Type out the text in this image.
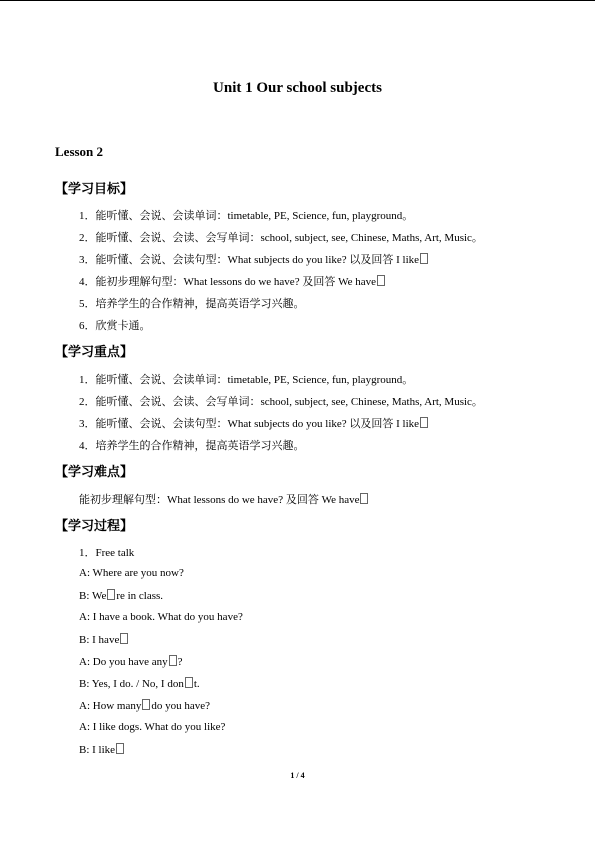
Unit 1 Our school subjects
Lesson 2
【学习目标】
1．能听懂、会说、会读单词：timetable, PE, Science, fun, playground。
2．能听懂、会说、会读、会写单词：school, subject, see, Chinese, Maths, Art, Music。
3．能听懂、会说、会读句型：What subjects do you like? 以及回答 I like
4．能初步理解句型：What lessons do we have? 及回答 We have
5．培养学生的合作精神，提高英语学习兴趣。
6．欣赏卡通。
【学习重点】
1．能听懂、会说、会读单词：timetable, PE, Science, fun, playground。
2．能听懂、会说、会读、会写单词：school, subject, see, Chinese, Maths, Art, Music。
3．能听懂、会说、会读句型：What subjects do you like? 以及回答 I like
4．培养学生的合作精神，提高英语学习兴趣。
【学习难点】
能初步理解句型：What lessons do we have? 及回答 We have
【学习过程】
1．Free talk
A: Where are you now?
B: We re in class.
A: I have a book. What do you have?
B: I have
A: Do you have any ?
B: Yes, I do. / No, I don t.
A: How many do you have?
A: I like dogs. What do you like?
B: I like
1 / 4
